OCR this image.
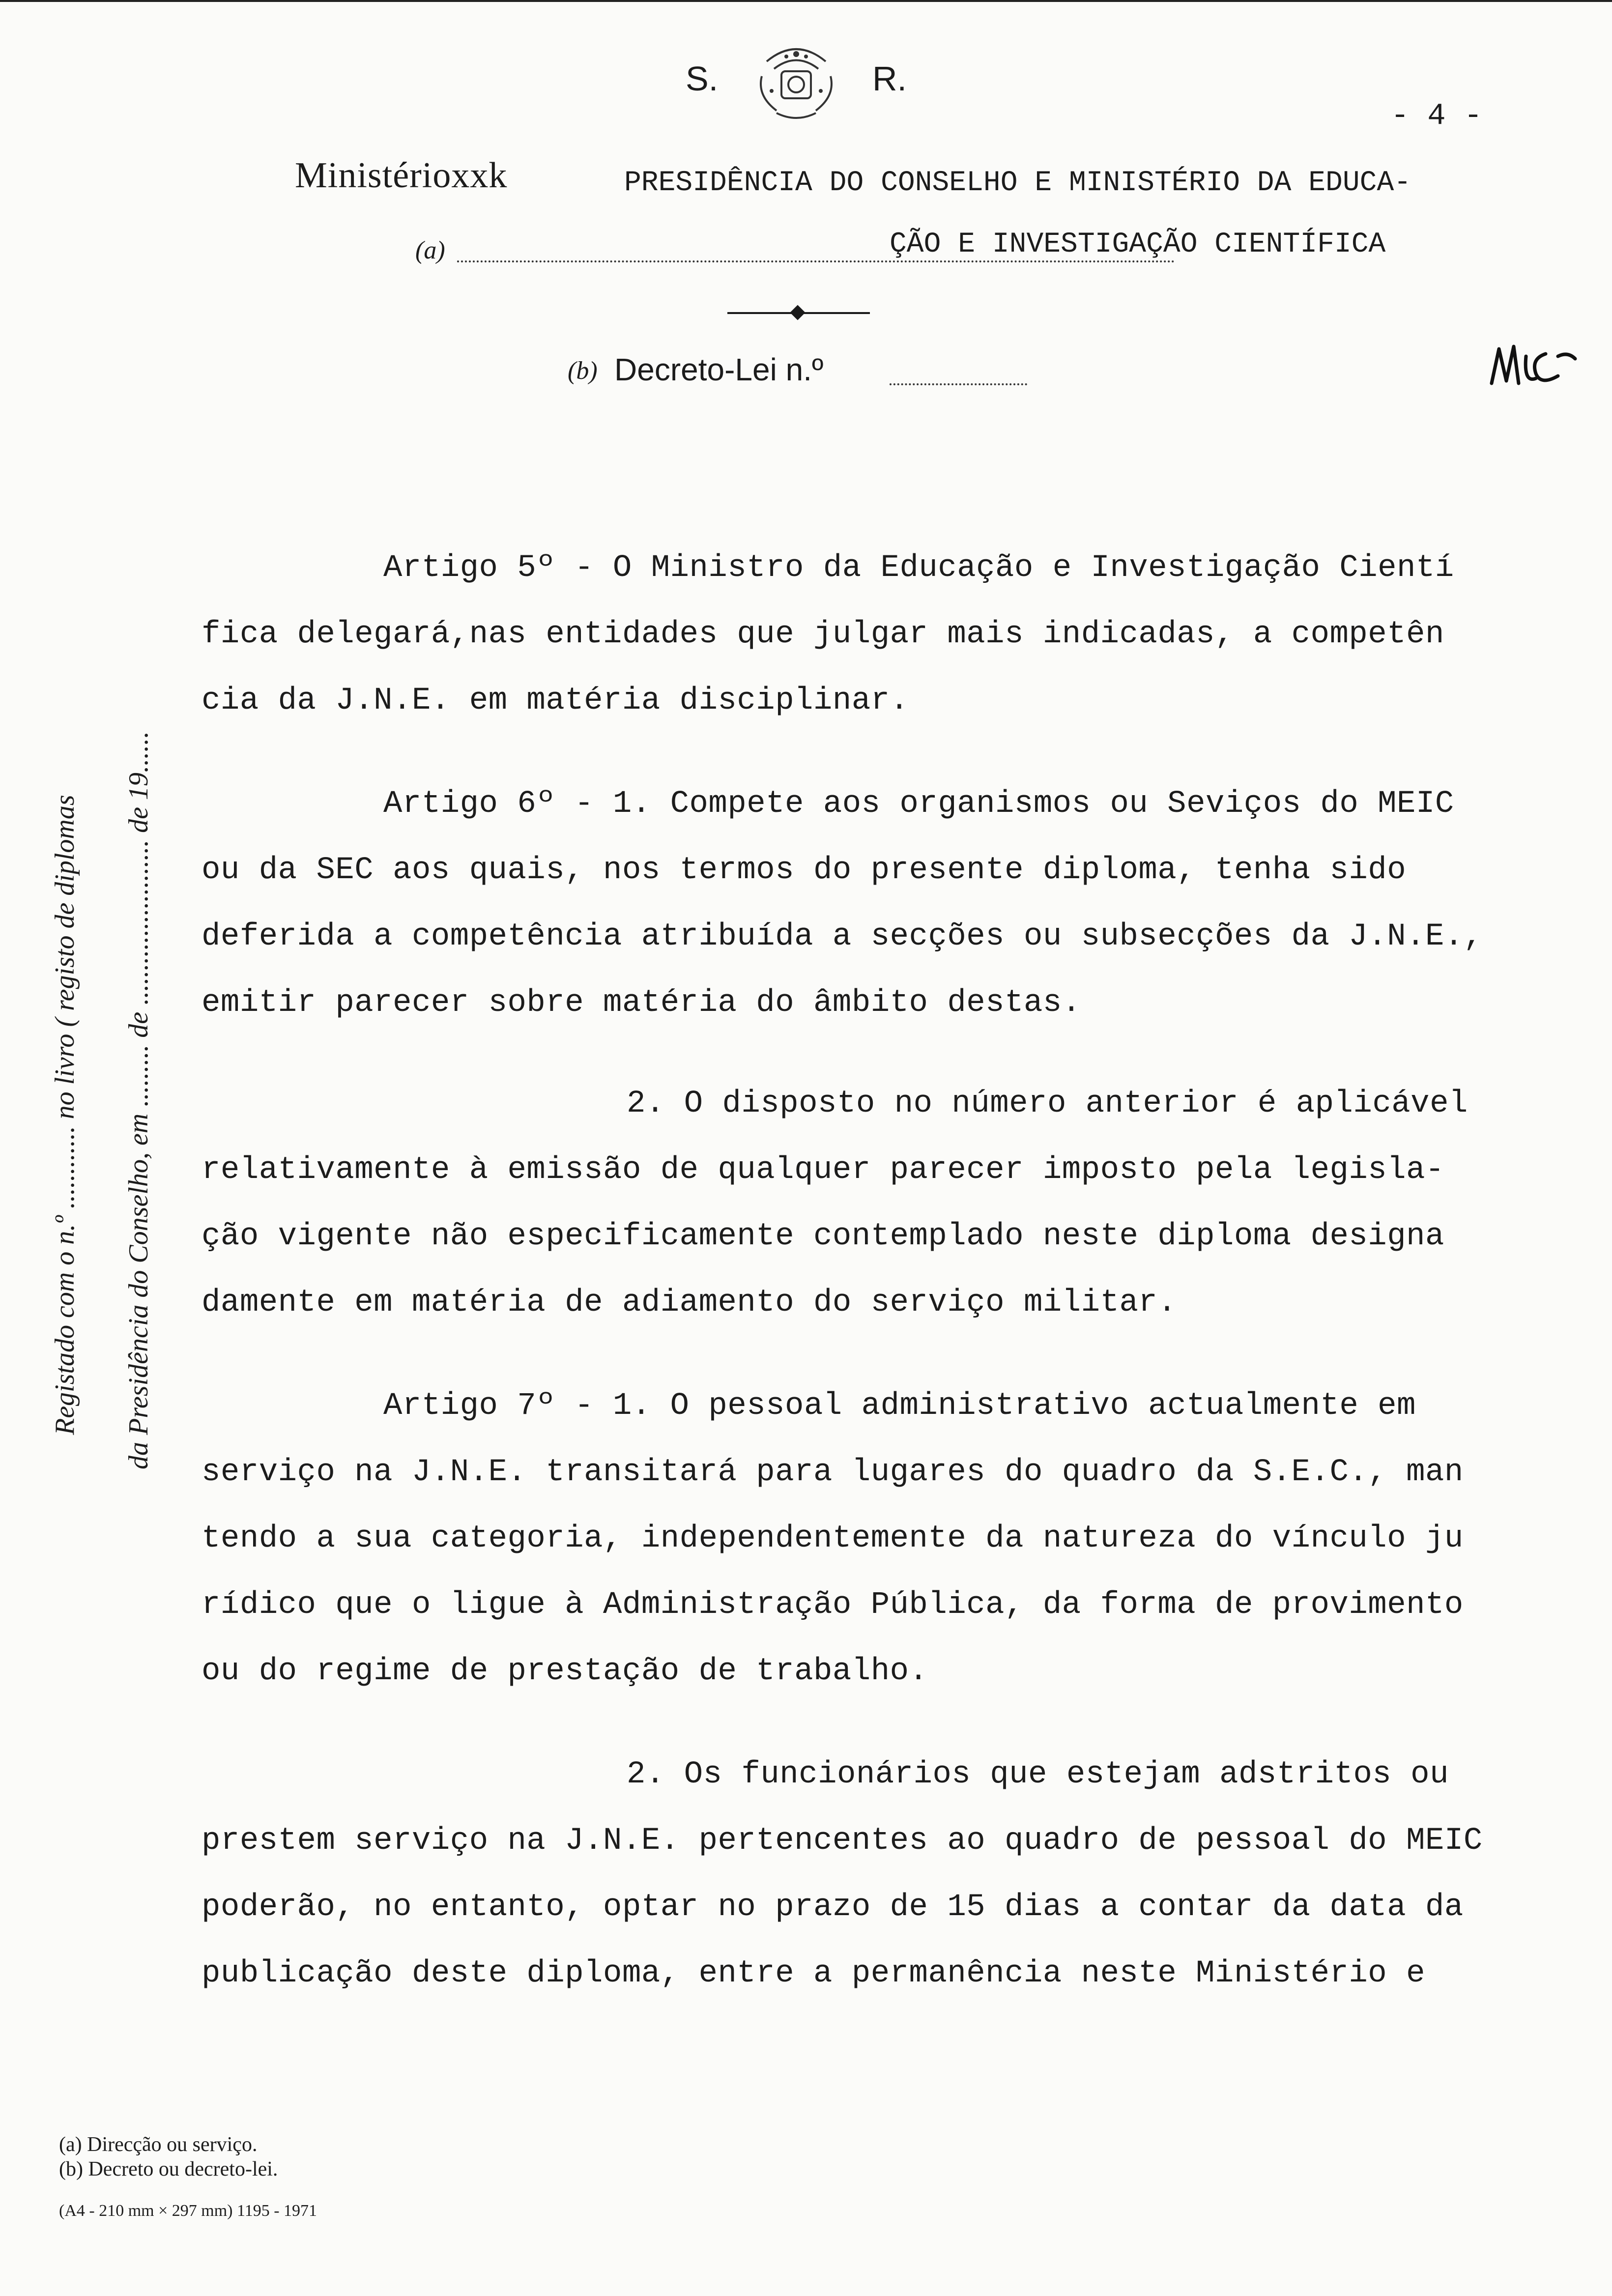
S.	R.
- 4 -
Ministérioxxk	PRESIDÊNCIA DO CONSELHO E MINISTÉRIO DA EDUCA-
(a)	ÇÃO E INVESTIGAÇÃO CIENTÍFICA
(b) Decreto-Lei n.º
Registado com o n.º ............ no livro ( registo de diplomas da Presidência do Conselho, em ......... de ........................ de 19......
Artigo 5º - O Ministro da Educação e Investigação Cientí
fica delegará,nas entidades que julgar mais indicadas, a competên
cia da J.N.E. em matéria disciplinar.
Artigo 6º - 1. Compete aos organismos ou Seviços do MEIC
ou da SEC aos quais, nos termos do presente diploma, tenha sido
deferida a competência atribuída a secções ou subsecções da J.N.E.,
emitir parecer sobre matéria do âmbito destas.
2. O disposto no número anterior é aplicável
relativamente à emissão de qualquer parecer imposto pela legisla-
ção vigente não especificamente contemplado neste diploma designa
damente em matéria de adiamento do serviço militar.
Artigo 7º - 1. O pessoal administrativo actualmente em
serviço na J.N.E. transitará para lugares do quadro da S.E.C., man
tendo a sua categoria, independentemente da natureza do vínculo ju
rídico que o ligue à Administração Pública, da forma de provimento
ou do regime de prestação de trabalho.
2. Os funcionários que estejam adstritos ou
prestem serviço na J.N.E. pertencentes ao quadro de pessoal do MEIC
poderão, no entanto, optar no prazo de 15 dias a contar da data da
publicação deste diploma, entre a permanência neste Ministério e
(a) Direcção ou serviço.
(b) Decreto ou decreto-lei.
(A4 - 210 mm × 297 mm) 1195 - 1971
